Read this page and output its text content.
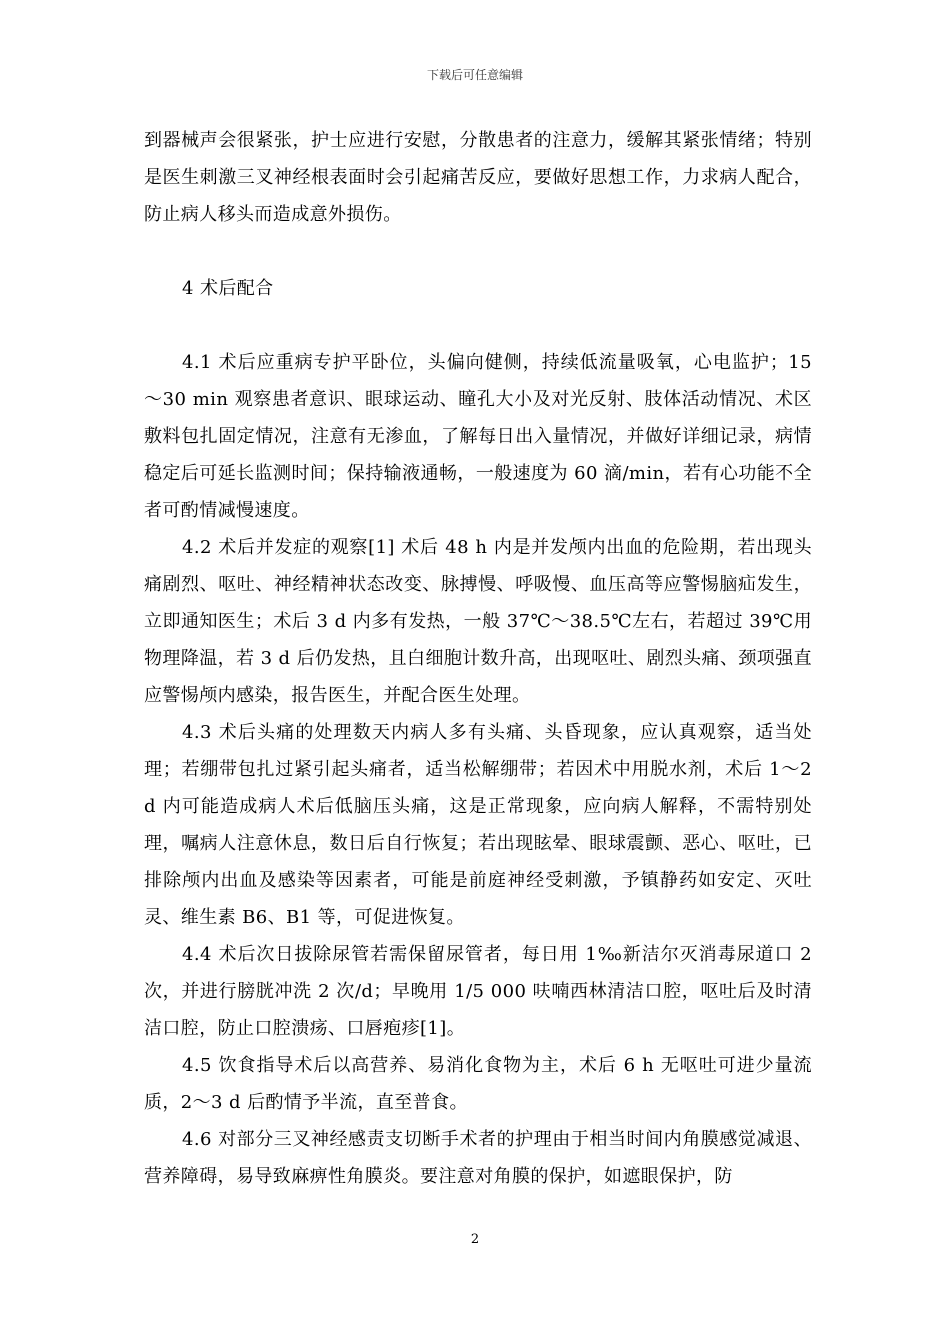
下载后可任意编辑

到器械声会很紧张，护士应进行安慰，分散患者的注意力，缓解其紧张情绪；特别是医生刺激三叉神经根表面时会引起痛苦反应，要做好思想工作，力求病人配合，防止病人移头而造成意外损伤。

4 术后配合

4.1 术后应重病专护平卧位，头偏向健侧，持续低流量吸氧，心电监护；15～30 min 观察患者意识、眼球运动、瞳孔大小及对光反射、肢体活动情况、术区敷料包扎固定情况，注意有无渗血，了解每日出入量情况，并做好详细记录，病情稳定后可延长监测时间；保持输液通畅，一般速度为 60 滴/min，若有心功能不全者可酌情减慢速度。

4.2 术后并发症的观察[1] 术后 48 h 内是并发颅内出血的危险期，若出现头痛剧烈、呕吐、神经精神状态改变、脉搏慢、呼吸慢、血压高等应警惕脑疝发生，立即通知医生；术后 3 d 内多有发热，一般 37℃～38.5℃左右，若超过 39℃用物理降温，若 3 d 后仍发热，且白细胞计数升高，出现呕吐、剧烈头痛、颈项强直应警惕颅内感染，报告医生，并配合医生处理。

4.3 术后头痛的处理数天内病人多有头痛、头昏现象，应认真观察，适当处理；若绷带包扎过紧引起头痛者，适当松解绷带；若因术中用脱水剂，术后 1～2 d 内可能造成病人术后低脑压头痛，这是正常现象，应向病人解释，不需特别处理，嘱病人注意休息，数日后自行恢复；若出现眩晕、眼球震颤、恶心、呕吐，已排除颅内出血及感染等因素者，可能是前庭神经受刺激，予镇静药如安定、灭吐灵、维生素 B6、B1 等，可促进恢复。

4.4 术后次日拔除尿管若需保留尿管者，每日用 1‰新洁尔灭消毒尿道口 2 次，并进行膀胱冲洗 2 次/d；早晚用 1/5 000 呋喃西林清洁口腔，呕吐后及时清洁口腔，防止口腔溃疡、口唇疱疹[1]。

4.5 饮食指导术后以高营养、易消化食物为主，术后 6 h 无呕吐可进少量流质，2～3 d 后酌情予半流，直至普食。

4.6 对部分三叉神经感责支切断手术者的护理由于相当时间内角膜感觉减退、营养障碍，易导致麻痹性角膜炎。要注意对角膜的保护，如遮眼保护，防

2
